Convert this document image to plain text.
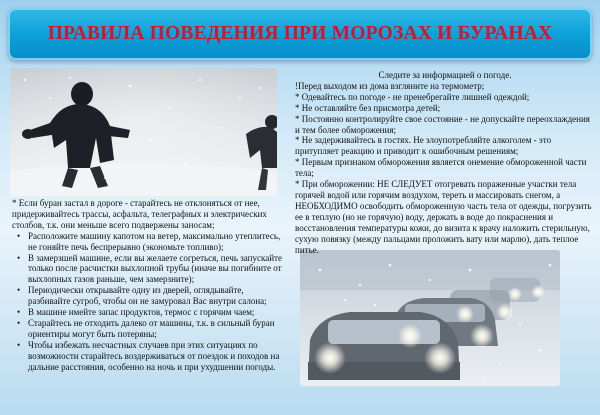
ПРАВИЛА ПОВЕДЕНИЯ ПРИ МОРОЗАХ И БУРАНАХ

Следите за информацией о погоде.

!Перед выходом из дома взгляните на термометр;

* Одевайтесь по погоде - не пренебрегайте лишней одеждой;

* Не оставляйте без присмотра детей;

* Постоянно контролируйте свое состояние - не допускайте переохлаждения и тем более обморожения;

* Не задерживайтесь в гостях. Не злоупотребляйте алкоголем - это притупляет реакцию и приводит к ошибочным решениям;

* Первым признаком обморожения является онемение обмороженной части тела;

* При обморожении: НЕ СЛЕДУЕТ отогревать пораженные участки тела горячей водой или горячим воздухом, тереть и массировать снегом, а НЕОБХОДИМО освободить обмороженную часть тела от одежды, погрузить ее в теплую (но не горячую) воду, держать в воде до покраснения и восстановления температуры кожи, до визита к врачу наложить стерильную, сухую повязку (между пальцами проложить вату или марлю), дать теплое питье.

* Если буран застал в дороге - старайтесь не отклоняться от нее, придерживайтесь трассы, асфальта, телеграфных и электрических столбов, т.к. они меньше всего подвержены заносам;

• Расположите машину капотом на ветер, максимально утеплитесь, не гоняйте печь беспрерывно (экономьте топливо);
• В замерзшей машине, если вы желаете согреться, печь запускайте только после расчистки выхлопной трубы (иначе вы погибните от выхлопных газов раньше, чем замерзните);
• Периодически открывайте одну из дверей, оглядывайте, разбивайте сугроб, чтобы он не замуровал Вас внутри салона;
• В машине имейте запас продуктов, термос с горячим чаем;
• Старайтесь не отходить далеко от машины, т.к. в сильный буран ориентиры могут быть потеряны;
• Чтобы избежать несчастных случаев при этих ситуациях по возможности старайтесь воздерживаться от поездок и походов на дальние расстояния, особенно на ночь и при ухудшении погоды.
